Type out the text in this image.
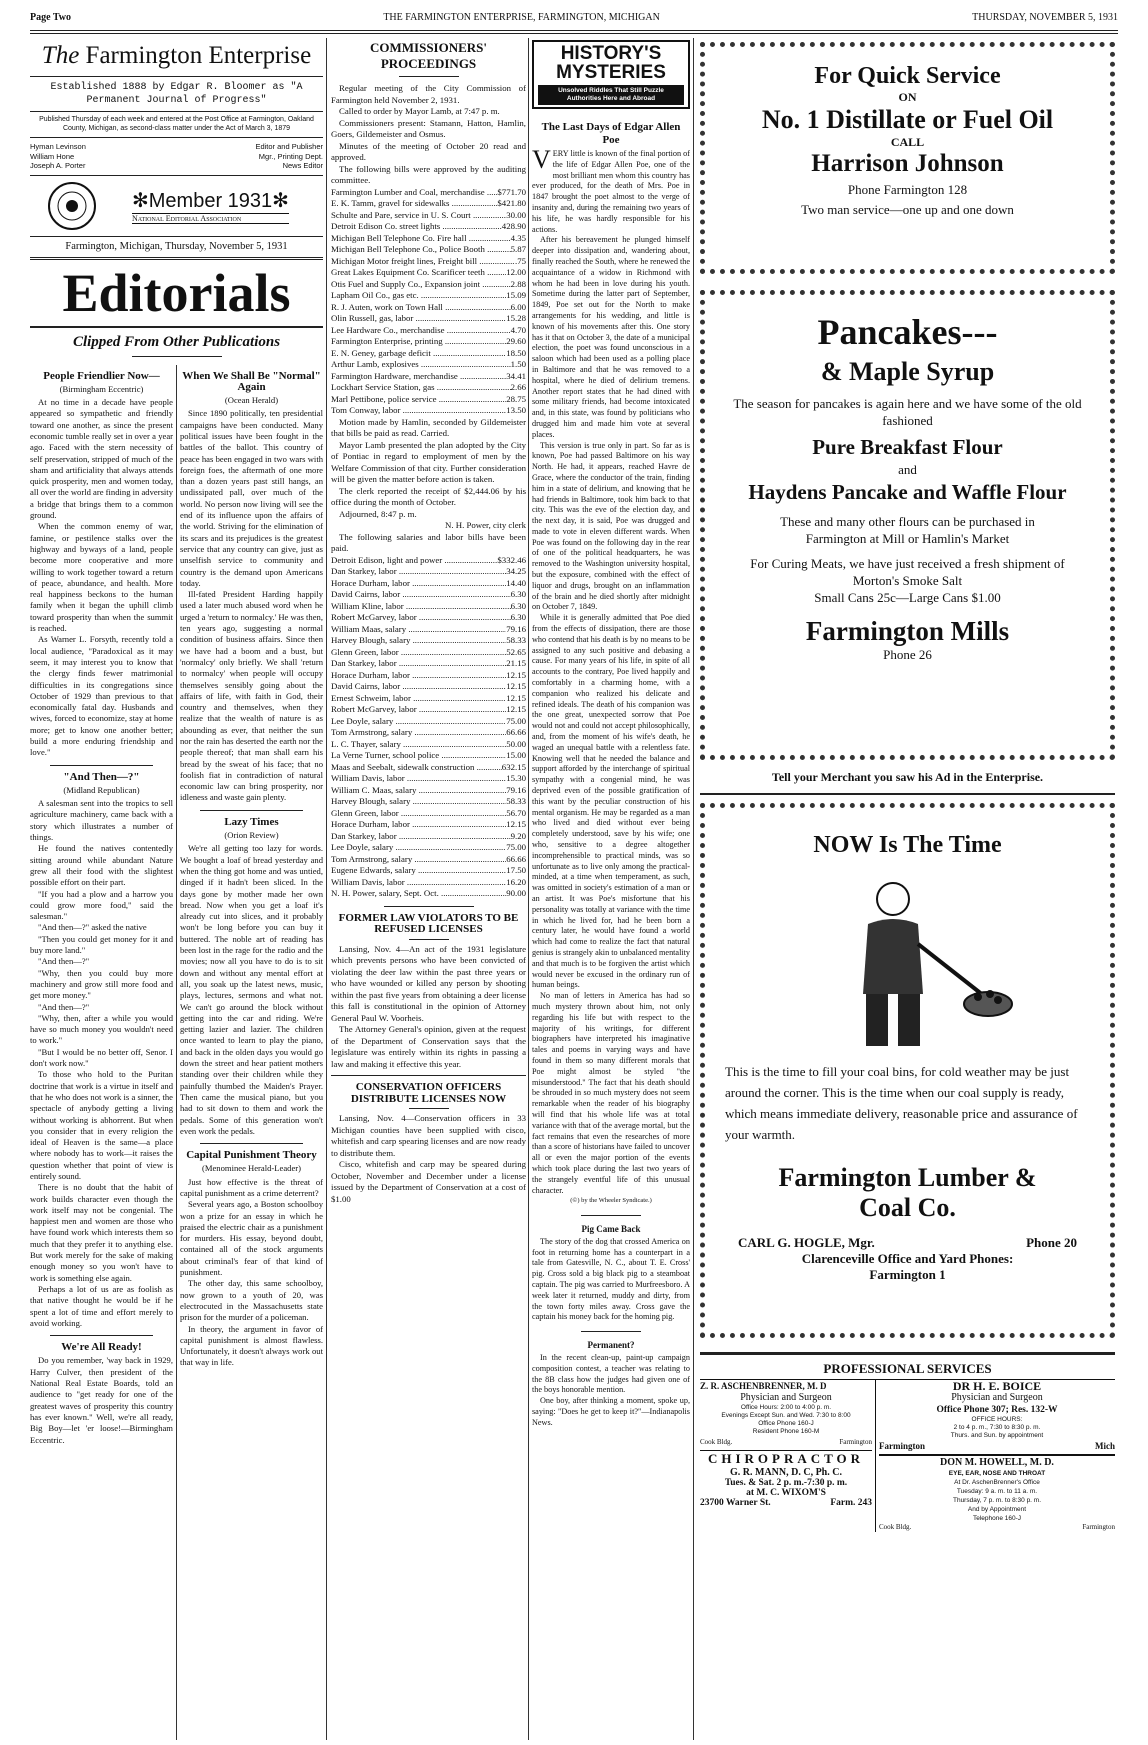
Page Two	THE FARMINGTON ENTERPRISE, FARMINGTON, MICHIGAN	THURSDAY, NOVEMBER 5, 1931
The Farmington Enterprise
Established 1888 by Edgar R. Bloomer as "A Permanent Journal of Progress"
Published Thursday of each week and entered at the Post Office at Farmington, Oakland County, Michigan, as second-class matter under the Act of March 3, 1879
Hyman Levinson	Editor and Publisher
William Hone	Mgr., Printing Dept.
Joseph A. Porter	News Editor
✻Member 1931✻
National Editorial Association
Farmington, Michigan, Thursday, November 5, 1931
Editorials
Clipped From Other Publications
People Friendlier Now—
(Birmingham Eccentric)

At no time in a decade have people appeared so sympathetic and friendly toward one another, as since the present economic tumble really set in over a year ago. Faced with the stern necessity of self preservation, stripped of much of the sham and artificiality that always attends quick prosperity, men and women today, all over the world are finding in adversity a bridge that brings them to a common ground.

When the common enemy of war, famine, or pestilence stalks over the highway and byways of a land, people become more cooperative and more willing to work together toward a return of peace, abundance, and health. More real happiness beckons to the human family when it began the uphill climb toward prosperity than when the summit is reached.

As Warner L. Forsyth, recently told a local audience, "Paradoxical as it may seem, it may interest you to know that the clergy finds fewer matrimonial difficulties in its congregations since October of 1929 than previous to that economically fatal day. Husbands and wives, forced to economize, stay at home more; get to know one another better; build a more enduring friendship and love."

"And Then—?"
(Midland Republican)

A salesman sent into the tropics to sell agriculture machinery, came back with a story which illustrates a number of things.

He found the natives contentedly sitting around while abundant Nature grew all their food with the slightest possible effort on their part.

"If you had a plow and a harrow you could grow more food," said the salesman."

"And then—?" asked the native

"Then you could get money for it and buy more land."

"And then—?"

"Why, then you could buy more machinery and grow still more food and get more money."

"And then—?"

"Why, then, after a while you would have so much money you wouldn't need to work."

"But I would be no better off, Senor. I don't work now."

To those who hold to the Puritan doctrine that work is a virtue in itself and that he who does not work is a sinner, the spectacle of anybody getting a living without working is abhorrent. But when you consider that in every religion the ideal of Heaven is the same—a place where nobody has to work—it raises the question whether that point of view is entirely sound.

There is no doubt that the habit of work builds character even though the work itself may not be congenial. The happiest men and women are those who have found work which interests them so much that they prefer it to anything else. But work merely for the sake of making enough money so you won't have to work is something else again.

Perhaps a lot of us are as foolish as that native thought he would be if he spent a lot of time and effort merely to avoid working.

We're All Ready!

Do you remember, 'way back in 1929, Harry Culver, then president of the National Real Estate Boards, told an audience to "get ready for one of the greatest waves of prosperity this country has ever known." Well, we're all ready, Big Boy—let 'er loose!—Birmingham Eccentric.

When We Shall Be "Normal" Again
(Ocean Herald)

Since 1890 politically, ten presidential campaigns have been conducted. Many political issues have been fought in the battles of the ballot. This country of peace has been engaged in two wars with foreign foes, the aftermath of one more than a dozen years past still hangs, an undissipated pall, over much of the world. No person now living will see the end of its influence upon the affairs of the world. Striving for the elimination of its scars and its prejudices is the greatest service that any country can give, just as unselfish service to community and country is the demand upon Americans today.

Ill-fated President Harding happily used a later much abused word when he urged a 'return to normalcy.' He was then, ten years ago, suggesting a normal condition of business affairs. Since then we have had a boom and a bust, but 'normalcy' only briefly. We shall 'return to normalcy' when people will occupy themselves sensibly going about the affairs of life, with faith in God, their country and themselves, when they realize that the wealth of nature is as abounding as ever, that neither the sun nor the rain has deserted the earth nor the people thereof; that man shall earn his bread by the sweat of his face; that no foolish fiat in contradiction of natural economic law can bring prosperity, nor idleness and waste gain plenty.

Lazy Times
(Orion Review)

We're all getting too lazy for words. We bought a loaf of bread yesterday and when the thing got home and was untied, dinged if it hadn't been sliced. In the days gone by mother made her own bread. Now when you get a loaf it's already cut into slices, and it probably won't be long before you can buy it buttered. The noble art of reading has been lost in the rage for the radio and the movies; now all you have to do is to sit down and without any mental effort at all, you soak up the latest news, music, plays, lectures, sermons and what not. We can't go around the block without getting into the car and riding. We're getting lazier and lazier. The children once wanted to learn to play the piano, and back in the olden days you would go down the street and hear patient mothers standing over their children while they painfully thumbed the Maiden's Prayer. Then came the musical piano, but you had to sit down to them and work the pedals. Some of this generation won't even work the pedals.

Capital Punishment Theory
(Menominee Herald-Leader)

Just how effective is the threat of capital punishment as a crime deterrent?

Several years ago, a Boston schoolboy won a prize for an essay in which he praised the electric chair as a punishment for murders. His essay, beyond doubt, contained all of the stock arguments about criminal's fear of that kind of punishment.

The other day, this same schoolboy, now grown to a youth of 20, was electrocuted in the Massachusetts state prison for the murder of a policeman.

In theory, the argument in favor of capital punishment is almost flawless. Unfortunately, it doesn't always work out that way in life.

COMMISSIONERS' PROCEEDINGS

Regular meeting of the City Commission of Farmington held November 2, 1931.

Called to order by Mayor Lamb, at 7:47 p. m.

Commissioners present: Stamann, Hatton, Hamlin, Goers, Gildemeister and Osmus.

Minutes of the meeting of October 20 read and approved.

The following bills were approved by the auditing committee.

Farmington Lumber and Coal, merchandise .....	$771.70
E. K. Tamm, gravel for sidewalks .....	$421.80
Schulte and Pare, service in U. S. Court .....	30.00
Detroit Edison Co. street lights .....	428.90
Michigan Bell Telephone Co. Fire hall .....	4.35
Michigan Bell Telephone Co., Police Booth .....	5.87
Michigan Motor freight lines, Freight bill .....	.75
Great Lakes Equipment Co. Scarificer teeth .....	12.00
Otis Fuel and Supply Co., Expansion joint .....	2.88
Lapham Oil Co., gas etc. .....	15.09
R. J. Auten, work on Town Hall .....	6.00
Olin Russell, gas, labor .....	15.28
Lee Hardware Co., merchandise .....	4.70
Farmington Enterprise, printing .....	29.60
E. N. Geney, garbage deficit .....	18.50
Arthur Lamb, explosives .....	1.50
Farmington Hardware, merchandise .....	34.41
Lockhart Service Station, gas .....	2.66
Marl Pettibone, police service .....	28.75
Tom Conway, labor .....	13.50

Motion made by Hamlin, seconded by Gildemeister that bills be paid as read. Carried.

Mayor Lamb presented the plan adopted by the City of Pontiac in regard to employment of men by the Welfare Commission of that city. Further consideration will be given the matter before action is taken.

The clerk reported the receipt of $2,444.06 by his office during the month of October.

Adjourned, 8:47 p. m.

N. H. Power, city clerk

The following salaries and labor bills have been paid.

Detroit Edison, light and power .....	$332.46
Dan Starkey, labor .....	34.25
Horace Durham, labor .....	14.40
David Cairns, labor .....	6.30
William Kline, labor .....	6.30
Robert McGarvey, labor .....	6.30
William Maas, salary .....	79.16
Harvey Blough, salary .....	58.33
Glenn Green, labor .....	52.65
Dan Starkey, labor .....	21.15
Horace Durham, labor .....	12.15
David Cairns, labor .....	12.15
Ernest Schweim, labor .....	12.15
Robert McGarvey, labor .....	12.15
Lee Doyle, salary .....	75.00
Tom Armstrong, salary .....	66.66
L. C. Thayer, salary .....	50.00
La Verne Turner, school police .....	15.00
Maas and Seebalt, sidewalk construction .....	632.15
William Davis, labor .....	15.30
William C. Maas, salary .....	79.16
Harvey Blough, salary .....	58.33
Glenn Green, labor .....	56.70
Horace Durham, labor .....	12.15
Dan Starkey, labor .....	9.20
Lee Doyle, salary .....	75.00
Tom Armstrong, salary .....	66.66
Eugene Edwards, salary .....	17.50
William Davis, labor .....	16.20
N. H. Power, salary, Sept. Oct. .....	90.00
FORMER LAW VIOLATORS TO BE REFUSED LICENSES

Lansing, Nov. 4—An act of the 1931 legislature which prevents persons who have been convicted of violating the deer law within the past three years or who have wounded or killed any person by shooting within the past five years from obtaining a deer license this fall is constitutional in the opinion of Attorney General Paul W. Voorheis.

The Attorney General's opinion, given at the request of the Department of Conservation says that the legislature was entirely within its rights in passing a law and making it effective this year.

CONSERVATION OFFICERS DISTRIBUTE LICENSES NOW

Lansing, Nov. 4—Conservation officers in 33 Michigan counties have been supplied with cisco, whitefish and carp spearing licenses and are now ready to distribute them.

Cisco, whitefish and carp may be speared during October, November and December under a license issued by the Department of Conservation at a cost of $1.00

HISTORY'S MYSTERIES
Unsolved Riddles That Still Puzzle Authorities Here and Abroad
The Last Days of Edgar Allen Poe
V ERY little is known of the final portion of the life of Edgar Allen Poe, one of the most brilliant men whom this country has ever produced, for the death of Mrs. Poe in 1847 brought the poet almost to the verge of insanity and, during the remaining two years of his life, he was hardly responsible for his actions.

After his bereavement he plunged himself deeper into dissipation and, wandering about, finally reached the South, where he renewed the acquaintance of a widow in Richmond with whom he had been in love during his youth. Sometime during the latter part of September, 1849, Poe set out for the North to make arrangements for his wedding, and little is known of his movements after this. One story has it that on October 3, the date of a municipal election, the poet was found unconscious in a saloon which had been used as a polling place in Baltimore and that he was removed to a hospital, where he died of delirium tremens. Another report states that he had dined with some military friends, had become intoxicated and, in this state, was found by politicians who drugged him and made him vote at several places.

This version is true only in part. So far as is known, Poe had passed Baltimore on his way North. He had, it appears, reached Havre de Grace, where the conductor of the train, finding him in a state of delirium, and knowing that he had friends in Baltimore, took him back to that city. This was the eve of the election day, and the next day, it is said, Poe was drugged and made to vote in eleven different wards. When Poe was found on the following day in the rear of one of the political headquarters, he was removed to the Washington university hospital, but the exposure, combined with the effect of liquor and drugs, brought on an inflammation of the brain and he died shortly after midnight on October 7, 1849.

While it is generally admitted that Poe died from the effects of dissipation, there are those who contend that his death is by no means to be assigned to any such positive and debasing a cause. For many years of his life, in spite of all accounts to the contrary, Poe lived happily and comfortably in a charming home, with a companion who realized his delicate and refined ideals. The death of his companion was the one great, unexpected sorrow that Poe would not and could not accept philosophically, and, from the moment of his wife's death, he waged an unequal battle with a relentless fate. Knowing well that he needed the balance and support afforded by the interchange of spiritual sympathy with a congenial mind, he was deprived even of the possible gratification of this want by the peculiar construction of his mental organism. He may be regarded as a man who lived and died without ever being completely understood, save by his wife; one who, sensitive to a degree altogether incomprehensible to practical minds, was so unfortunate as to live only among the practical-minded, at a time when temperament, as such, was omitted in society's estimation of a man or an artist. It was Poe's misfortune that his personality was totally at variance with the time in which he lived for, had he been born a century later, he would have found a world which had come to realize the fact that natural genius is strangely akin to unbalanced mentality and that much is to be forgiven the artist which would never be excused in the ordinary run of human beings.

No man of letters in America has had so much mystery thrown about him, not only regarding his life but with respect to the majority of his writings, for different biographers have interpreted his imaginative tales and poems in varying ways and have found in them so many different morals that Poe might almost be styled "the misunderstood." The fact that his death should be shrouded in so much mystery does not seem remarkable when the reader of his biography will find that his whole life was at total variance with that of the average mortal, but the fact remains that even the researches of more than a score of historians have failed to uncover all or even the major portion of the events which took place during the last two years of the strangely eventful life of this unusual character.

(©) by the Wheeler Syndicate.)
Pig Came Back

The story of the dog that crossed America on foot in returning home has a counterpart in a tale from Gatesville, N. C., about T. E. Cross' pig. Cross sold a big black pig to a steamboat captain. The pig was carried to Murfreesboro. A week later it returned, muddy and dirty, from the town forty miles away. Cross gave the captain his money back for the homing pig.

Permanent?

In the recent clean-up, paint-up campaign composition contest, a teacher was relating to the 8B class how the judges had given one of the boys honorable mention.

One boy, after thinking a moment, spoke up, saying: "Does he get to keep it?"—Indianapolis News.

For Quick Service
ON
No. 1 Distillate or Fuel Oil
CALL
Harrison Johnson
Phone Farmington 128
Two man service—one up and one down
Pancakes---
& Maple Syrup
The season for pancakes is again here and we have some of the old fashioned
Pure Breakfast Flour
and
Haydens Pancake and Waffle Flour
These and many other flours can be purchased in Farmington at Mill or Hamlin's Market
For Curing Meats, we have just received a fresh shipment of Morton's Smoke Salt
Small Cans 25c—Large Cans $1.00
Farmington Mills
Phone 26
Tell your Merchant you saw his Ad in the Enterprise.
NOW Is The Time
This is the time to fill your coal bins, for cold weather may be just around the corner. This is the time when our coal supply is ready, which means immediate delivery, reasonable price and assurance of your warmth.
Farmington Lumber & Coal Co.
CARL G. HOGLE, Mgr.	Phone 20
Clarenceville Office and Yard Phones:
Farmington 1
PROFESSIONAL SERVICES
Z. R. ASCHENBRENNER, M. D
Physician and Surgeon
Office Hours: 2:00 to 4:00 p. m.
Evenings Except Sun. and Wed. 7:30 to 8:00
Office Phone 160-J
Resident Phone 160-M
Cook Bldg.	Farmington
CHIROPRACTOR
G. R. MANN, D. C, Ph. C.
Tues. & Sat. 2 p. m.-7:30 p. m.
at M. C. WIXOM'S
23700 Warner St.	Farm. 243
DR H. E. BOICE
Physician and Surgeon
Office Phone 307; Res. 132-W
OFFICE HOURS:
2 to 4 p. m., 7:30 to 8:30 p. m.
Thurs. and Sun. by appointment
Farmington	Mich
DON M. HOWELL, M. D.
EYE, EAR, NOSE AND THROAT
At Dr. AschenBrenner's Office
Tuesday: 9 a. m. to 11 a. m.
Thursday, 7 p. m. to 8:30 p. m.
And by Appointment
Telephone 160-J
Cook Bldg.	Farmington
